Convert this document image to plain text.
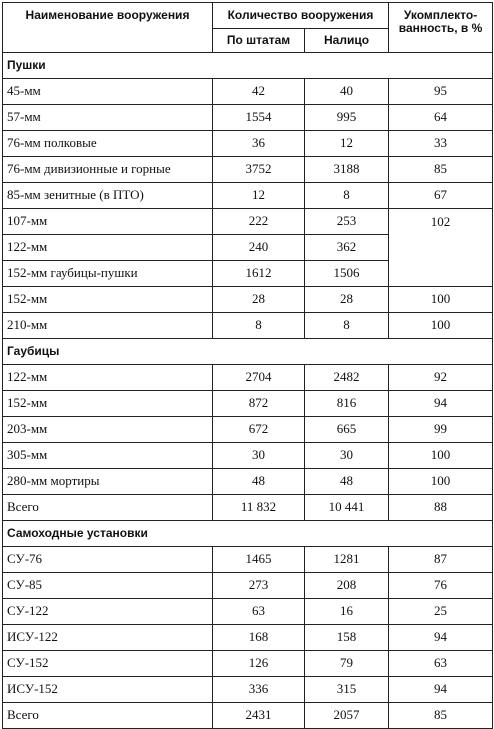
Наименование вооружения	Количество вооружения		Укомплекто-ванность, в %
	По штатам	Налицо	
Пушки			
45-мм	42	40	95
57-мм	1554	995	64
76-мм полковые	36	12	33
76-мм дивизионные и горные	3752	3188	85
85-мм зенитные (в ПТО)	12	8	67
107-мм	222	253	102
122-мм	240	362	
152-мм гаубицы-пушки	1612	1506	
152-мм	28	28	100
210-мм	8	8	100
Гаубицы			
122-мм	2704	2482	92
152-мм	872	816	94
203-мм	672	665	99
305-мм	30	30	100
280-мм мортиры	48	48	100
Всего	11 832	10 441	88
Самоходные установки			
СУ-76	1465	1281	87
СУ-85	273	208	76
СУ-122	63	16	25
ИСУ-122	168	158	94
СУ-152	126	79	63
ИСУ-152	336	315	94
Всего	2431	2057	85
